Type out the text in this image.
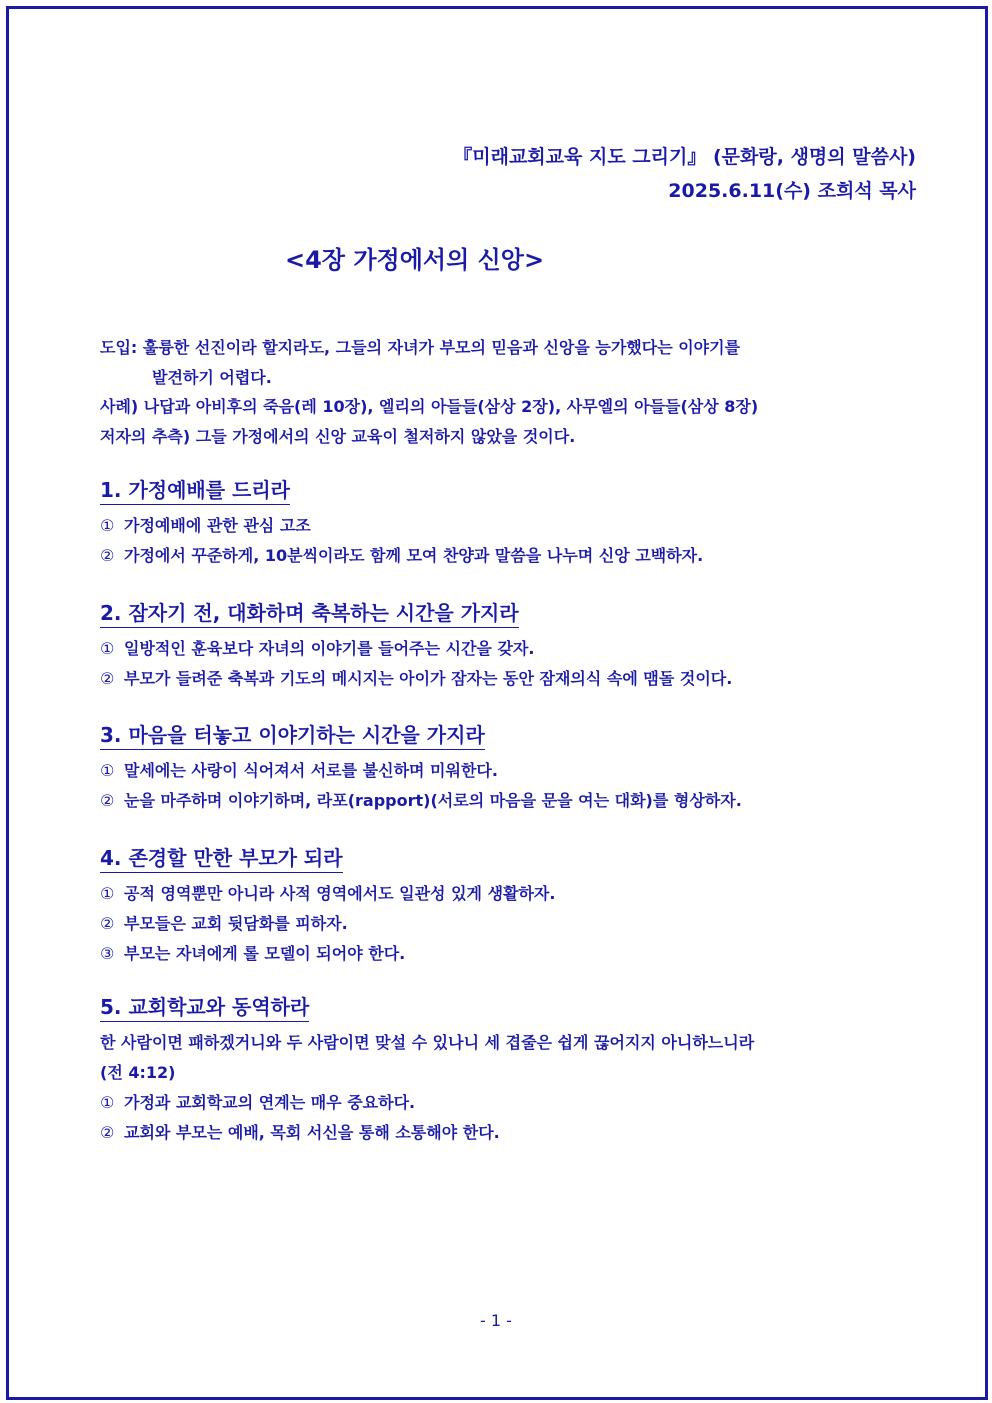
『미래교회교육 지도 그리기』 (문화랑, 생명의 말씀사)
2025.6.11(수) 조희석 목사
<4장 가정에서의 신앙>
도입: 훌륭한 선진이라 할지라도, 그들의 자녀가 부모의 믿음과 신앙을 능가했다는 이야기를
발견하기 어렵다.
사례) 나답과 아비후의 죽음(레 10장), 엘리의 아들들(삼상 2장), 사무엘의 아들들(삼상 8장)
저자의 추측) 그들 가정에서의 신앙 교육이 철저하지 않았을 것이다.
1. 가정예배를 드리라
① 가정예배에 관한 관심 고조
② 가정에서 꾸준하게, 10분씩이라도 함께 모여 찬양과 말씀을 나누며 신앙 고백하자.
2. 잠자기 전, 대화하며 축복하는 시간을 가지라
① 일방적인 훈육보다 자녀의 이야기를 들어주는 시간을 갖자.
② 부모가 들려준 축복과 기도의 메시지는 아이가 잠자는 동안 잠재의식 속에 맴돌 것이다.
3. 마음을 터놓고 이야기하는 시간을 가지라
① 말세에는 사랑이 식어져서 서로를 불신하며 미워한다.
② 눈을 마주하며 이야기하며, 라포(rapport)(서로의 마음을 문을 여는 대화)를 형상하자.
4. 존경할 만한 부모가 되라
① 공적 영역뿐만 아니라 사적 영역에서도 일관성 있게 생활하자.
② 부모들은 교회 뒷담화를 피하자.
③ 부모는 자녀에게 롤 모델이 되어야 한다.
5. 교회학교와 동역하라
한 사람이면 패하겠거니와 두 사람이면 맞설 수 있나니 세 겹줄은 쉽게 끊어지지 아니하느니라
(전 4:12)
① 가정과 교회학교의 연계는 매우 중요하다.
② 교회와 부모는 예배, 목회 서신을 통해 소통해야 한다.
- 1 -
